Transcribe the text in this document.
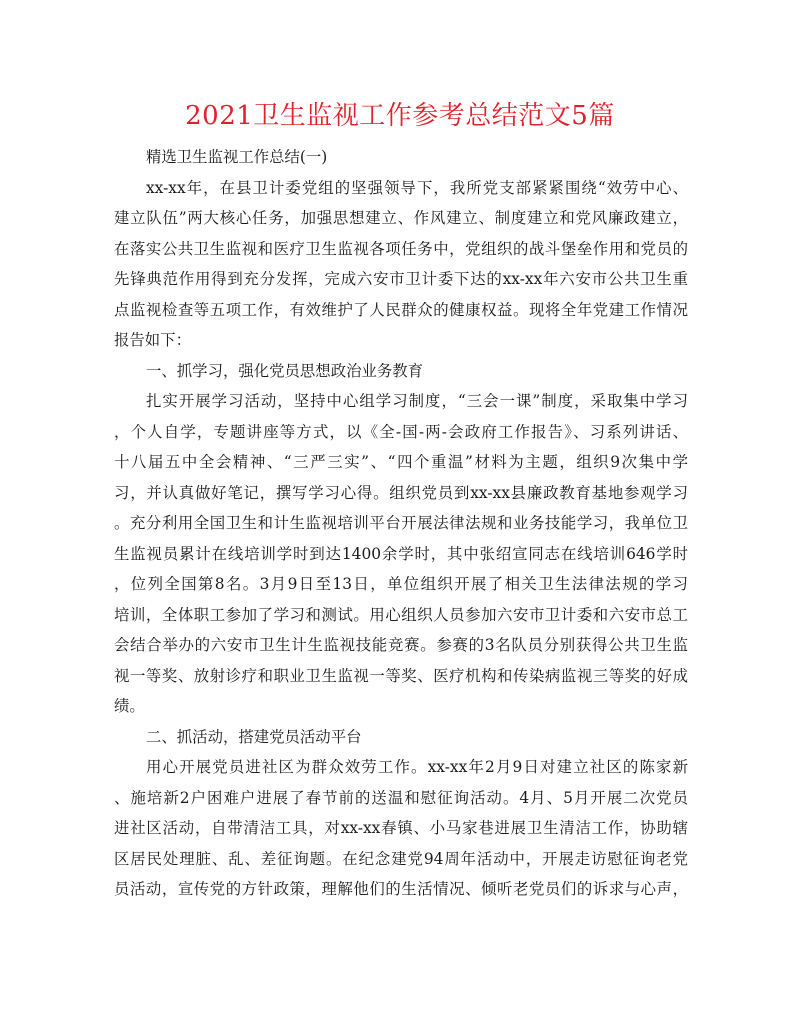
2021卫生监视工作参考总结范文5篇
精选卫生监视工作总结(一)
xx-xx年，在县卫计委党组的坚强领导下，我所党支部紧紧围绕“效劳中心、
建立队伍”两大核心任务，加强思想建立、作风建立、制度建立和党风廉政建立，
在落实公共卫生监视和医疗卫生监视各项任务中，党组织的战斗堡垒作用和党员的
先锋典范作用得到充分发挥，完成六安市卫计委下达的xx-xx年六安市公共卫生重
点监视检查等五项工作，有效维护了人民群众的健康权益。现将全年党建工作情况
报告如下：
一、抓学习，强化党员思想政治业务教育
扎实开展学习活动，坚持中心组学习制度，“三会一课”制度，采取集中学习
，个人自学，专题讲座等方式，以《全-国-两-会政府工作报告》、习系列讲话、
十八届五中全会精神、“三严三实”、“四个重温”材料为主题，组织9次集中学
习，并认真做好笔记，撰写学习心得。组织党员到xx-xx县廉政教育基地参观学习
。充分利用全国卫生和计生监视培训平台开展法律法规和业务技能学习，我单位卫
生监视员累计在线培训学时到达1400余学时，其中张绍宣同志在线培训646学时
，位列全国第8名。3月9日至13日，单位组织开展了相关卫生法律法规的学习
培训，全体职工参加了学习和测试。用心组织人员参加六安市卫计委和六安市总工
会结合举办的六安市卫生计生监视技能竞赛。参赛的3名队员分别获得公共卫生监
视一等奖、放射诊疗和职业卫生监视一等奖、医疗机构和传染病监视三等奖的好成
绩。
二、抓活动，搭建党员活动平台
用心开展党员进社区为群众效劳工作。xx-xx年2月9日对建立社区的陈家新
、施培新2户困难户进展了春节前的送温和慰征询活动。4月、5月开展二次党员
进社区活动，自带清洁工具，对xx-xx春镇、小马家巷进展卫生清洁工作，协助辖
区居民处理脏、乱、差征询题。在纪念建党94周年活动中，开展走访慰征询老党
员活动，宣传党的方针政策，理解他们的生活情况、倾听老党员们的诉求与心声，
